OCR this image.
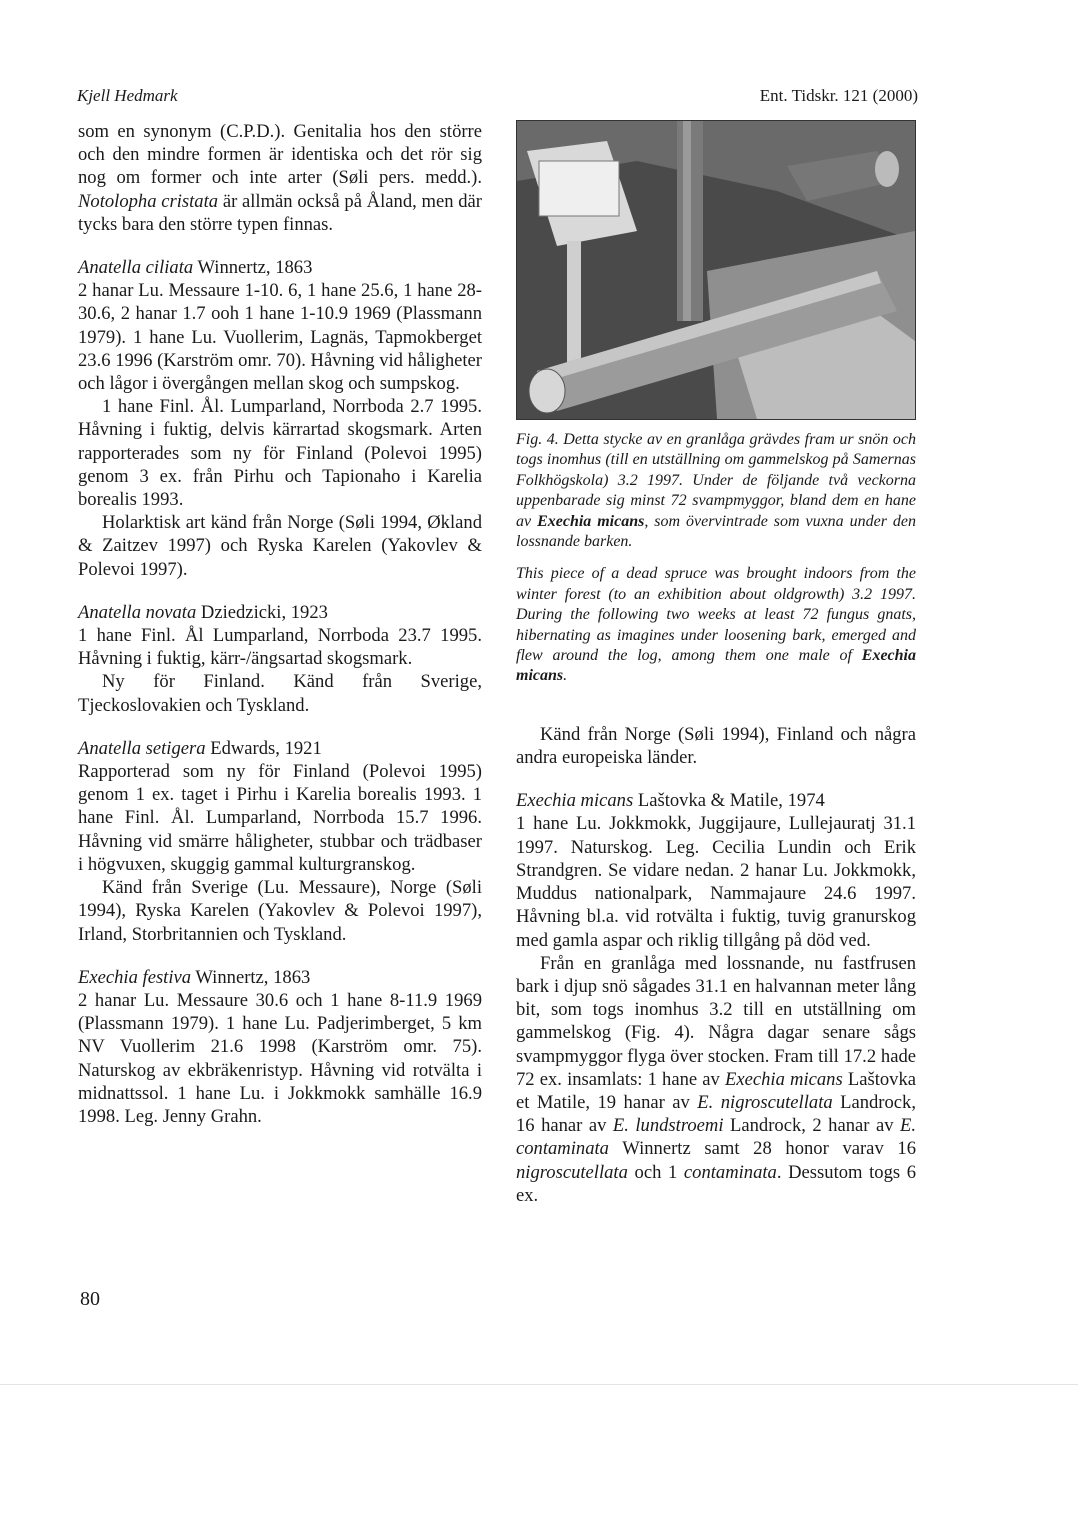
Kjell Hedmark	Ent. Tidskr. 121 (2000)

som en synonym (C.P.D.). Genitalia hos den större och den mindre formen är identiska och det rör sig nog om former och inte arter (Søli pers. medd.). Notolopha cristata är allmän också på Åland, men där tycks bara den större typen finnas.

Anatella ciliata Winnertz, 1863

2 hanar Lu. Messaure 1-10. 6, 1 hane 25.6, 1 hane 28-30.6, 2 hanar 1.7 ooh 1 hane 1-10.9 1969 (Plassmann 1979). 1 hane Lu. Vuollerim, Lagnäs, Tapmokberget 23.6 1996 (Karström omr. 70). Håvning vid håligheter och lågor i övergången mellan skog och sumpskog.

1 hane Finl. Ål. Lumparland, Norrboda 2.7 1995. Håvning i fuktig, delvis kärrartad skogsmark. Arten rapporterades som ny för Finland (Polevoi 1995) genom 3 ex. från Pirhu och Tapionaho i Karelia borealis 1993.

Holarktisk art känd från Norge (Søli 1994, Økland & Zaitzev 1997) och Ryska Karelen (Yakovlev & Polevoi 1997).

Anatella novata Dziedzicki, 1923

1 hane Finl. Ål Lumparland, Norrboda 23.7 1995. Håvning i fuktig, kärr-/ängsartad skogsmark.

Ny för Finland. Känd från Sverige, Tjeckoslovakien och Tyskland.

Anatella setigera Edwards, 1921

Rapporterad som ny för Finland (Polevoi 1995) genom 1 ex. taget i Pirhu i Karelia borealis 1993. 1 hane Finl. Ål. Lumparland, Norrboda 15.7 1996. Håvning vid smärre håligheter, stubbar och trädbaser i högvuxen, skuggig gammal kulturgranskog.

Känd från Sverige (Lu. Messaure), Norge (Søli 1994), Ryska Karelen (Yakovlev & Polevoi 1997), Irland, Storbritannien och Tyskland.

Exechia festiva Winnertz, 1863

2 hanar Lu. Messaure 30.6 och 1 hane 8-11.9 1969 (Plassmann 1979). 1 hane Lu. Padjerimberget, 5 km NV Vuollerim 21.6 1998 (Karström omr. 75). Naturskog av ekbräkenristyp. Håvning vid rotvälta i midnattssol. 1 hane Lu. i Jokkmokk samhälle 16.9 1998. Leg. Jenny Grahn.

Fig. 4. Detta stycke av en granlåga grävdes fram ur snön och togs inomhus (till en utställning om gammelskog på Samernas Folkhögskola) 3.2 1997. Under de följande två veckorna uppenbarade sig minst 72 svampmyggor, bland dem en hane av Exechia micans, som övervintrade som vuxna under den lossnande barken.

This piece of a dead spruce was brought indoors from the winter forest (to an exhibition about oldgrowth) 3.2 1997. During the following two weeks at least 72 fungus gnats, hibernating as imagines under loosening bark, emerged and flew around the log, among them one male of Exechia micans.

Känd från Norge (Søli 1994), Finland och några andra europeiska länder.

Exechia micans Laštovka & Matile, 1974

1 hane Lu. Jokkmokk, Juggijaure, Lullejauratj 31.1 1997. Naturskog. Leg. Cecilia Lundin och Erik Strandgren. Se vidare nedan. 2 hanar Lu. Jokkmokk, Muddus nationalpark, Nammajaure 24.6 1997. Håvning bl.a. vid rotvälta i fuktig, tuvig granurskog med gamla aspar och riklig tillgång på död ved.

Från en granlåga med lossnande, nu fastfrusen bark i djup snö sågades 31.1 en halvannan meter lång bit, som togs inomhus 3.2 till en utställning om gammelskog (Fig. 4). Några dagar senare sågs svampmyggor flyga över stocken. Fram till 17.2 hade 72 ex. insamlats: 1 hane av Exechia micans Laštovka et Matile, 19 hanar av E. nigroscutellata Landrock, 16 hanar av E. lundstroemi Landrock, 2 hanar av E. contaminata Winnertz samt 28 honor varav 16 nigroscutellata och 1 contaminata. Dessutom togs 6 ex.

80
